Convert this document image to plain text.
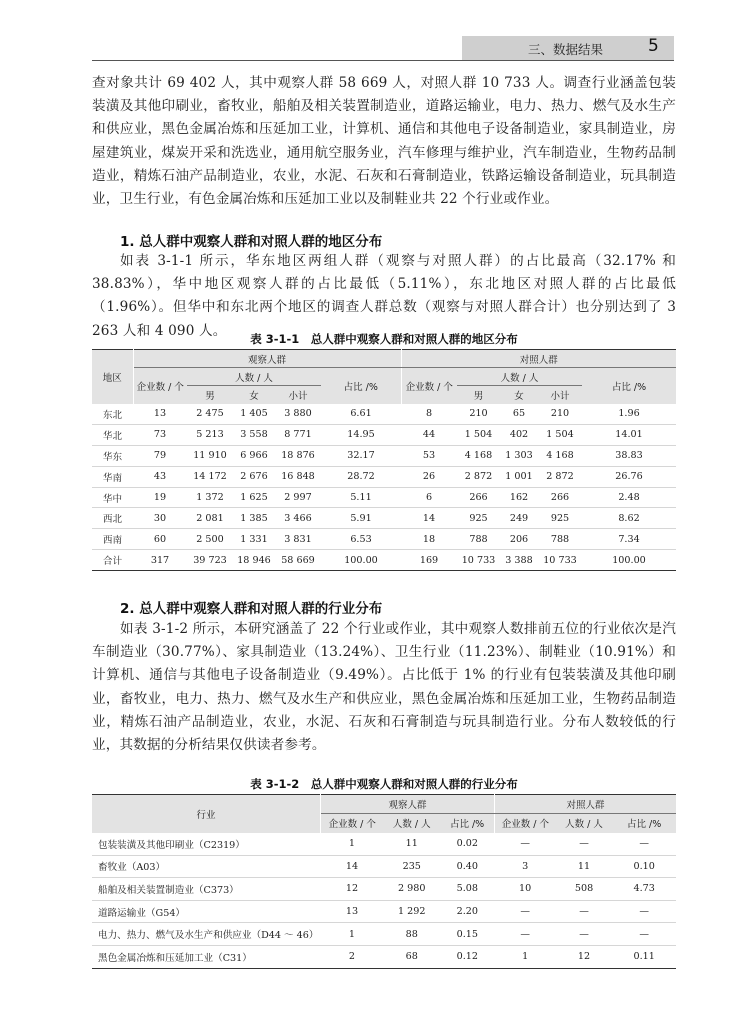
三、数据结果	5

查对象共计 69 402 人，其中观察人群 58 669 人，对照人群 10 733 人。调查行业涵盖包装装潢及其他印刷业，畜牧业，船舶及相关装置制造业，道路运输业，电力、热力、燃气及水生产和供应业，黑色金属冶炼和压延加工业，计算机、通信和其他电子设备制造业，家具制造业，房屋建筑业，煤炭开采和洗选业，通用航空服务业，汽车修理与维护业，汽车制造业，生物药品制造业，精炼石油产品制造业，农业，水泥、石灰和石膏制造业，铁路运输设备制造业，玩具制造业，卫生行业，有色金属冶炼和压延加工业以及制鞋业共 22 个行业或作业。

1. 总人群中观察人群和对照人群的地区分布

如表 3-1-1 所示，华东地区两组人群（观察与对照人群）的占比最高（32.17% 和 38.83%），华中地区观察人群的占比最低（5.11%），东北地区对照人群的占比最低（1.96%）。但华中和东北两个地区的调查人群总数（观察与对照人群合计）也分别达到了 3 263 人和 4 090 人。

表 3-1-1　总人群中观察人群和对照人群的地区分布

地区	观察人群					对照人群				
	企业数 / 个	人数 / 人			占比 /%	企业数 / 个	人数 / 人			占比 /%
		男	女	小计			男	女	小计	
东北	13	2 475	1 405	3 880	6.61	8	210	65	210	1.96
华北	73	5 213	3 558	8 771	14.95	44	1 504	402	1 504	14.01
华东	79	11 910	6 966	18 876	32.17	53	4 168	1 303	4 168	38.83
华南	43	14 172	2 676	16 848	28.72	26	2 872	1 001	2 872	26.76
华中	19	1 372	1 625	2 997	5.11	6	266	162	266	2.48
西北	30	2 081	1 385	3 466	5.91	14	925	249	925	8.62
西南	60	2 500	1 331	3 831	6.53	18	788	206	788	7.34
合计	317	39 723	18 946	58 669	100.00	169	10 733	3 388	10 733	100.00
2. 总人群中观察人群和对照人群的行业分布

如表 3-1-2 所示，本研究涵盖了 22 个行业或作业，其中观察人数排前五位的行业依次是汽车制造业（30.77%）、家具制造业（13.24%）、卫生行业（11.23%）、制鞋业（10.91%）和计算机、通信与其他电子设备制造业（9.49%）。占比低于 1% 的行业有包装装潢及其他印刷业，畜牧业，电力、热力、燃气及水生产和供应业，黑色金属冶炼和压延加工业，生物药品制造业，精炼石油产品制造业，农业，水泥、石灰和石膏制造与玩具制造行业。分布人数较低的行业，其数据的分析结果仅供读者参考。

表 3-1-2　总人群中观察人群和对照人群的行业分布

行业	观察人群			对照人群		
	企业数 / 个	人数 / 人	占比 /%	企业数 / 个	人数 / 人	占比 /%
包装装潢及其他印刷业（C2319）	1	11	0.02	—	—	—
畜牧业（A03）	14	235	0.40	3	11	0.10
船舶及相关装置制造业（C373）	12	2 980	5.08	10	508	4.73
道路运输业（G54）	13	1 292	2.20	—	—	—
电力、热力、燃气及水生产和供应业（D44 ～ 46）	1	88	0.15	—	—	—
黑色金属冶炼和压延加工业（C31）	2	68	0.12	1	12	0.11
